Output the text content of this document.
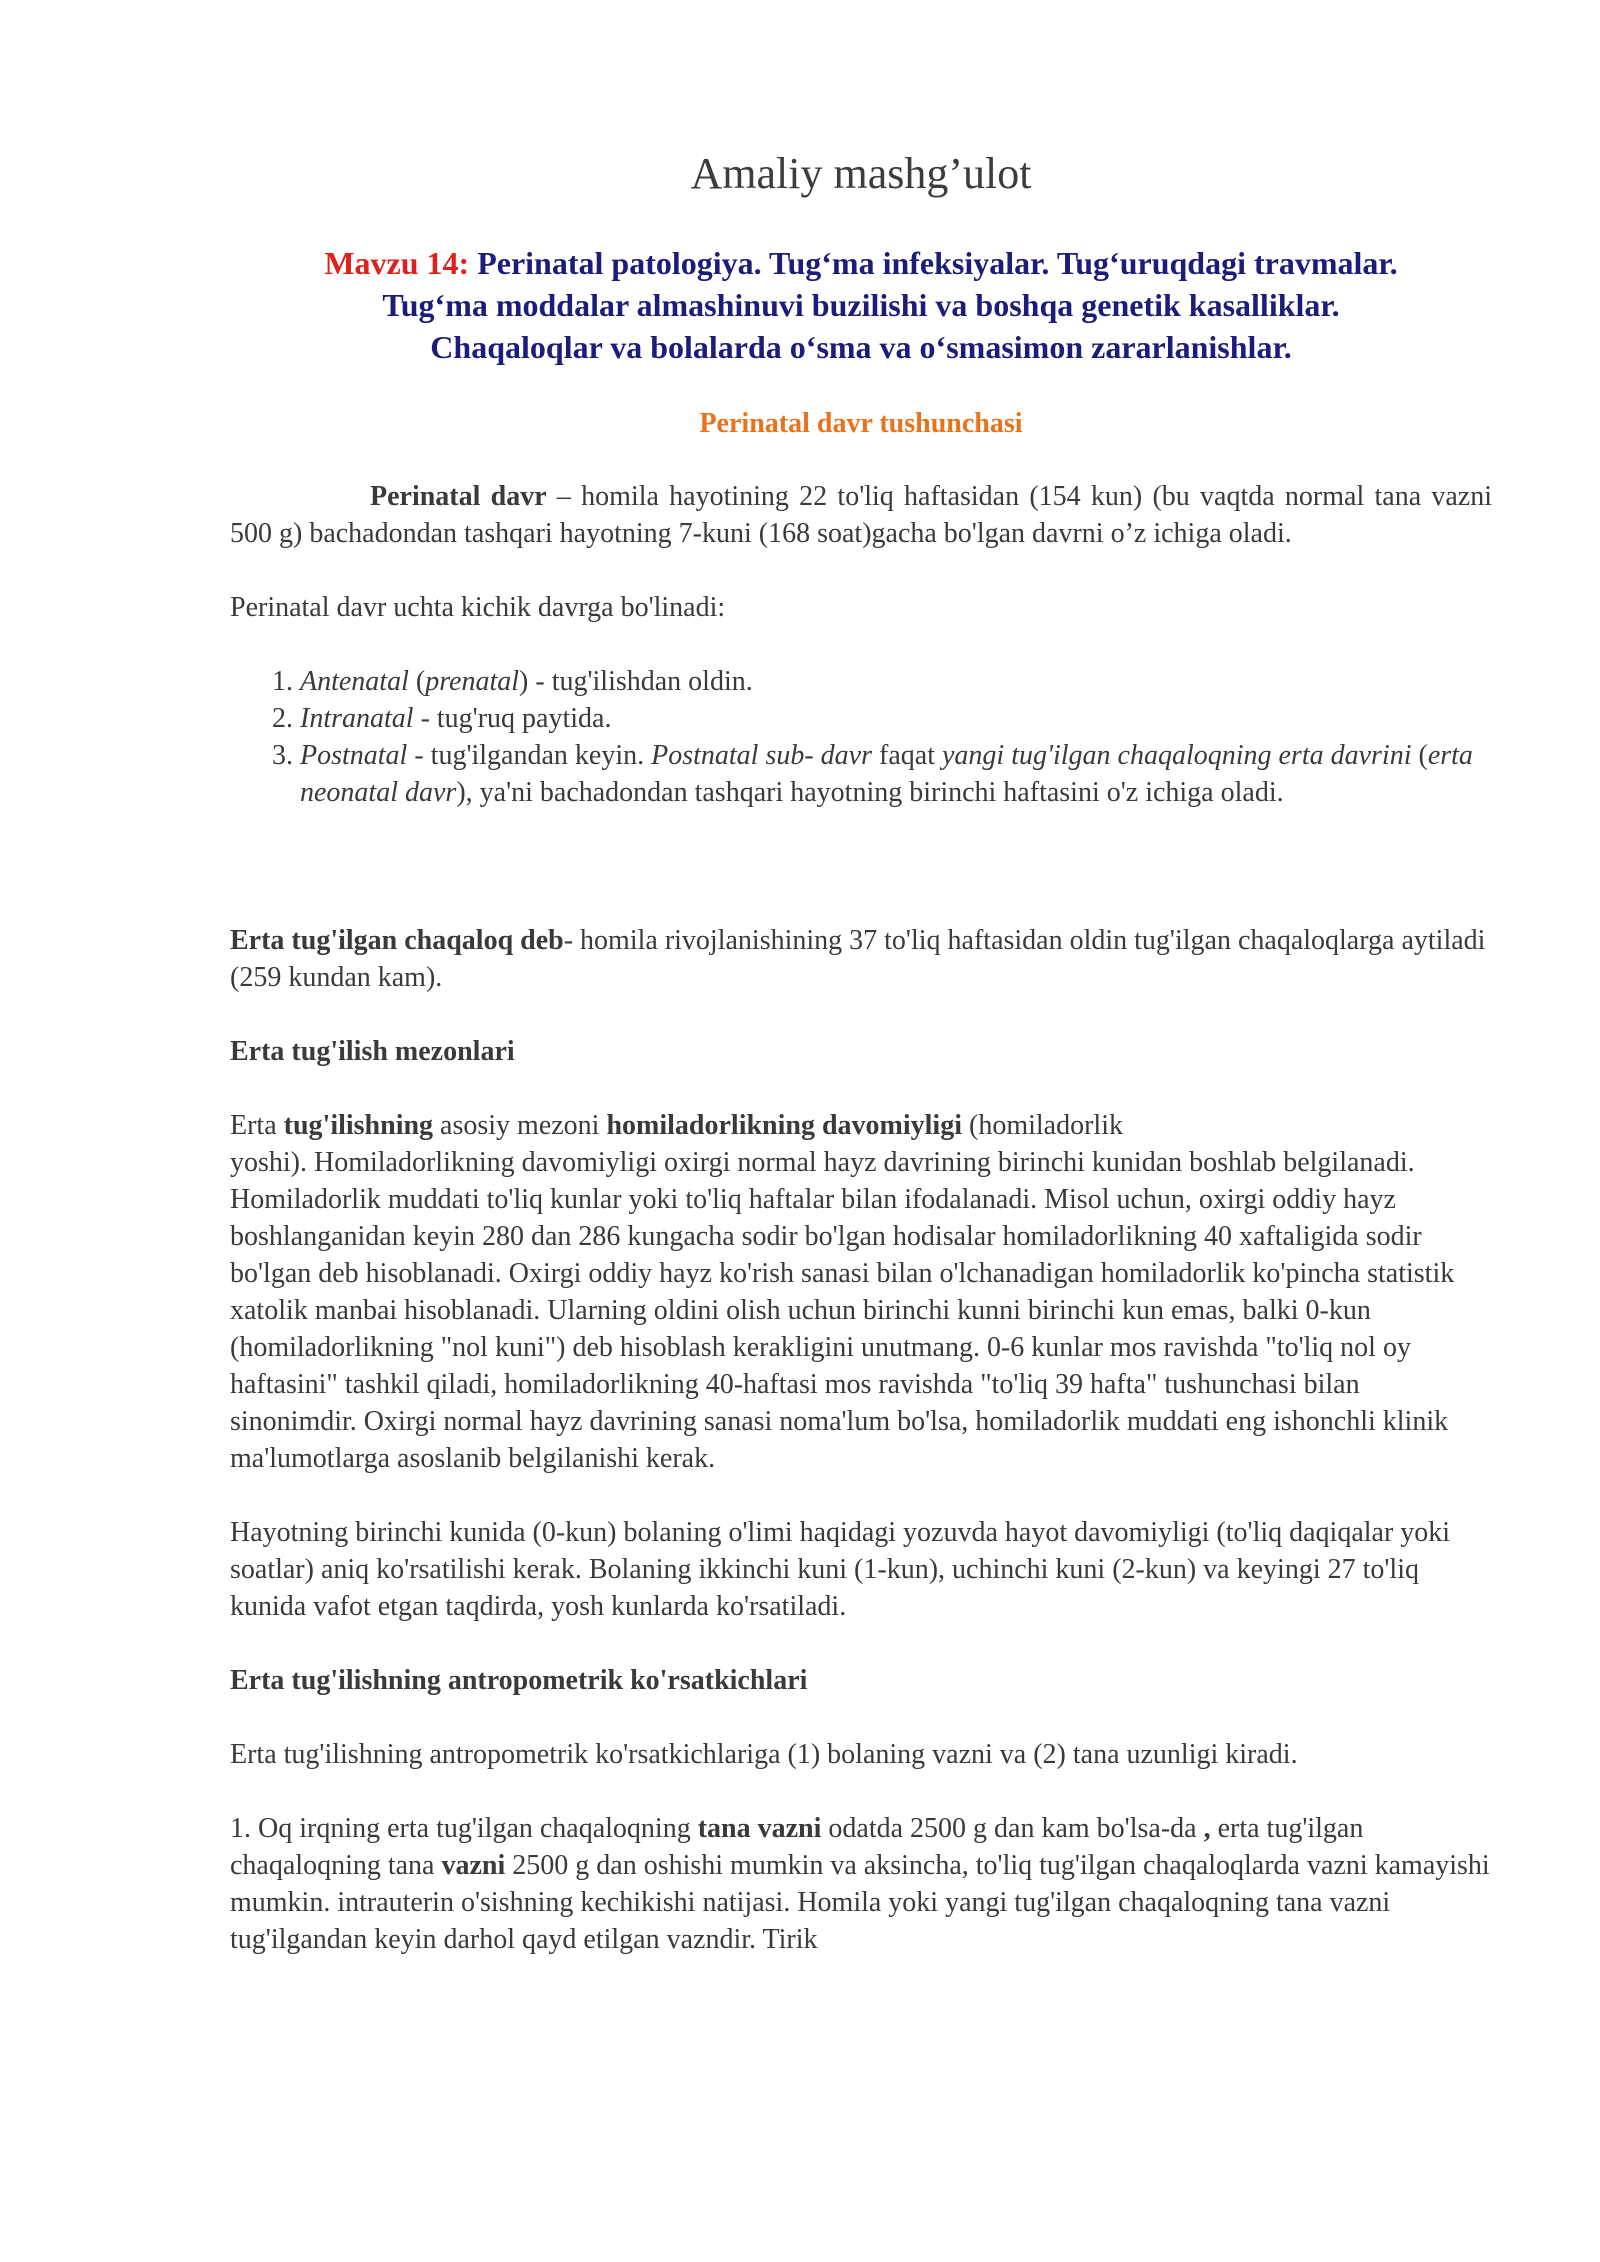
Amaliy mashg’ulot
Mavzu 14: Perinatal patologiya. Tug‘ma infeksiyalar. Tug‘uruqdagi travmalar.
Tug‘ma moddalar almashinuvi buzilishi va boshqa genetik kasalliklar.
Chaqaloqlar va bolalarda o‘sma va o‘smasimon zararlanishlar.
Perinatal davr tushunchasi

Perinatal davr – homila hayotining 22 to'liq haftasidan (154 kun) (bu vaqtda normal tana vazni 500 g) bachadondan tashqari hayotning 7-kuni (168 soat)gacha bo'lgan davrni o’z ichiga oladi.

Perinatal davr uchta kichik davrga bo'linadi:

1. Antenatal (prenatal) - tug'ilishdan oldin.
2. Intranatal - tug'ruq paytida.
3. Postnatal - tug'ilgandan keyin. Postnatal sub- davr faqat yangi tug'ilgan chaqaloqning erta davrini (erta neonatal davr), ya'ni bachadondan tashqari hayotning birinchi haftasini o'z ichiga oladi.

Erta tug'ilgan chaqaloq deb- homila rivojlanishining 37 to'liq haftasidan oldin tug'ilgan chaqaloqlarga aytiladi (259 kundan kam).

Erta tug'ilish mezonlari

Erta tug'ilishning asosiy mezoni homiladorlikning davomiyligi (homiladorlik
yoshi). Homiladorlikning davomiyligi oxirgi normal hayz davrining birinchi kunidan boshlab belgilanadi. Homiladorlik muddati to'liq kunlar yoki to'liq haftalar bilan ifodalanadi. Misol uchun, oxirgi oddiy hayz boshlanganidan keyin 280 dan 286 kungacha sodir bo'lgan hodisalar homiladorlikning 40 xaftaligida sodir bo'lgan deb hisoblanadi. Oxirgi oddiy hayz ko'rish sanasi bilan o'lchanadigan homiladorlik ko'pincha statistik xatolik manbai hisoblanadi. Ularning oldini olish uchun birinchi kunni birinchi kun emas, balki 0-kun (homiladorlikning "nol kuni") deb hisoblash kerakligini unutmang. 0-6 kunlar mos ravishda "to'liq nol oy haftasini" tashkil qiladi, homiladorlikning 40-haftasi mos ravishda "to'liq 39 hafta" tushunchasi bilan sinonimdir. Oxirgi normal hayz davrining sanasi noma'lum bo'lsa, homiladorlik muddati eng ishonchli klinik ma'lumotlarga asoslanib belgilanishi kerak.

Hayotning birinchi kunida (0-kun) bolaning o'limi haqidagi yozuvda hayot davomiyligi (to'liq daqiqalar yoki soatlar) aniq ko'rsatilishi kerak. Bolaning ikkinchi kuni (1-kun), uchinchi kuni (2-kun) va keyingi 27 to'liq kunida vafot etgan taqdirda, yosh kunlarda ko'rsatiladi.

Erta tug'ilishning antropometrik ko'rsatkichlari

Erta tug'ilishning antropometrik ko'rsatkichlariga (1) bolaning vazni va (2) tana uzunligi kiradi.

1. Oq irqning erta tug'ilgan chaqaloqning tana vazni odatda 2500 g dan kam bo'lsa-da , erta tug'ilgan chaqaloqning tana vazni 2500 g dan oshishi mumkin va aksincha, to'liq tug'ilgan chaqaloqlarda vazni kamayishi mumkin. intrauterin o'sishning kechikishi natijasi. Homila yoki yangi tug'ilgan chaqaloqning tana vazni tug'ilgandan keyin darhol qayd etilgan vazndir. Tirik
